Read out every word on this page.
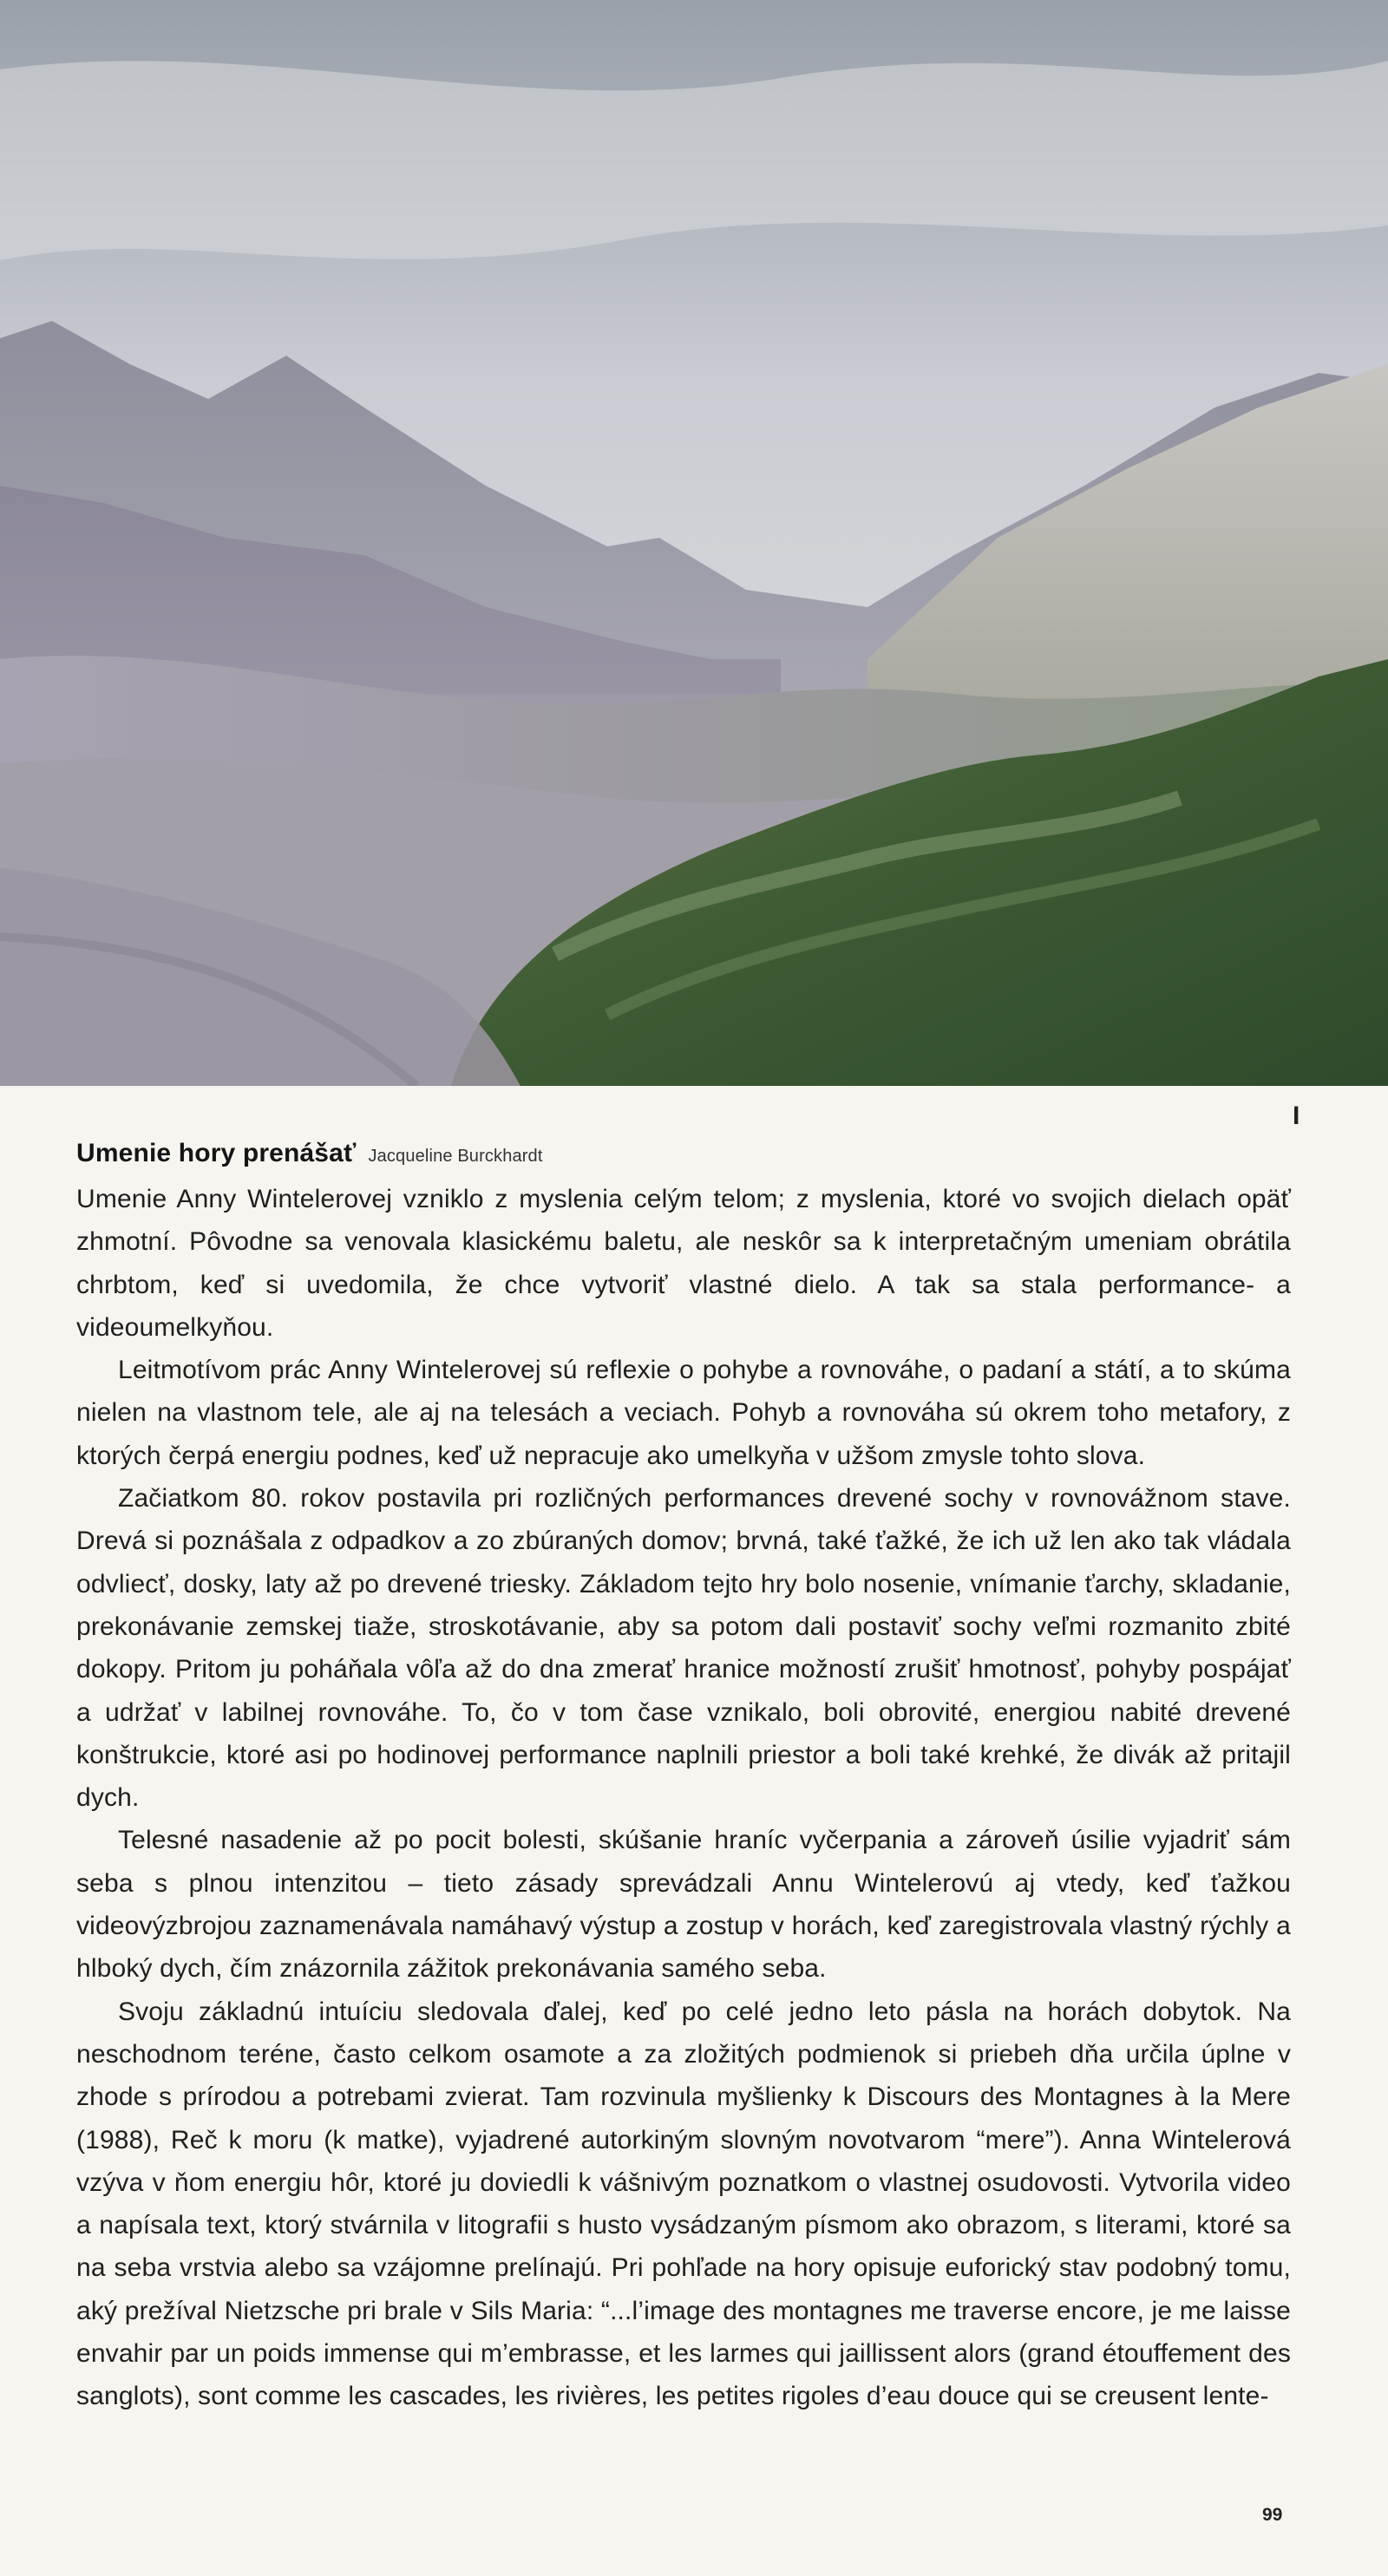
I
Umenie hory prenášať Jacqueline Burckhardt

Umenie Anny Wintelerovej vzniklo z myslenia celým telom; z myslenia, ktoré vo svojich dielach opäť zhmotní. Pôvodne sa venovala klasickému baletu, ale neskôr sa k interpretačným umeniam obrátila chrbtom, keď si uvedomila, že chce vytvoriť vlastné dielo. A tak sa stala performance- a videoumelkyňou.

Leitmotívom prác Anny Wintelerovej sú reflexie o pohybe a rovnováhe, o padaní a státí, a to skúma nielen na vlastnom tele, ale aj na telesách a veciach. Pohyb a rovnováha sú okrem toho metafory, z ktorých čerpá energiu podnes, keď už nepracuje ako umelkyňa v užšom zmysle tohto slova.

Začiatkom 80. rokov postavila pri rozličných performances drevené sochy v rovnovážnom stave. Drevá si poznášala z odpadkov a zo zbúraných domov; brvná, také ťažké, že ich už len ako tak vládala odvliecť, dosky, laty až po drevené triesky. Základom tejto hry bolo nosenie, vnímanie ťarchy, skladanie, prekonávanie zemskej tiaže, stroskotávanie, aby sa potom dali postaviť sochy veľmi rozmanito zbité dokopy. Pritom ju poháňala vôľa až do dna zmerať hranice možností zrušiť hmotnosť, pohyby pospájať a udržať v labilnej rovnováhe. To, čo v tom čase vznikalo, boli obrovité, energiou nabité drevené konštrukcie, ktoré asi po hodinovej performance naplnili priestor a boli také krehké, že divák až pritajil dych.

Telesné nasadenie až po pocit bolesti, skúšanie hraníc vyčerpania a zároveň úsilie vyjadriť sám seba s plnou intenzitou – tieto zásady sprevádzali Annu Wintelerovú aj vtedy, keď ťažkou videovýzbrojou zaznamenávala namáhavý výstup a zostup v horách, keď zaregistrovala vlastný rýchly a hlboký dych, čím znázornila zážitok prekonávania samého seba.

Svoju základnú intuíciu sledovala ďalej, keď po celé jedno leto pásla na horách dobytok. Na neschodnom teréne, často celkom osamote a za zložitých podmienok si priebeh dňa určila úplne v zhode s prírodou a potrebami zvierat. Tam rozvinula myšlienky k Discours des Montagnes à la Mere (1988), Reč k moru (k matke), vyjadrené autorkiným slovným novotvarom “mere”). Anna Wintelerová vzýva v ňom energiu hôr, ktoré ju doviedli k vášnivým poznatkom o vlastnej osudovosti. Vytvorila video a napísala text, ktorý stvárnila v litografii s husto vysádzaným písmom ako obrazom, s literami, ktoré sa na seba vrstvia alebo sa vzájomne prelínajú. Pri pohľade na hory opisuje euforický stav podobný tomu, aký prežíval Nietzsche pri brale v Sils Maria: “...l’image des montagnes me traverse encore, je me laisse envahir par un poids immense qui m’embrasse, et les larmes qui jaillissent alors (grand étouffement des sanglots), sont comme les cascades, les rivières, les petites rigoles d’eau douce qui se creusent lente-

99
